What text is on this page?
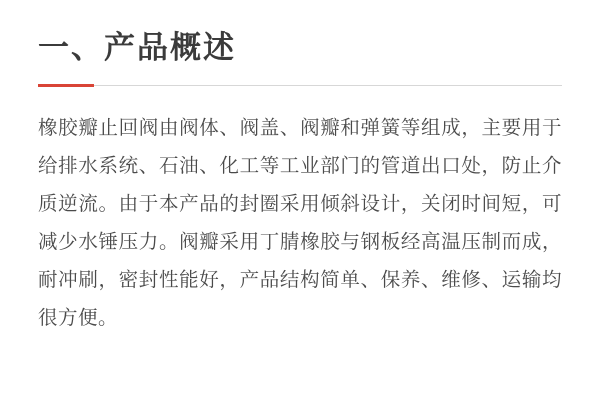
一、产品概述

橡胶瓣止回阀由阀体、阀盖、阀瓣和弹簧等组成，主要用于给排水系统、石油、化工等工业部门的管道出口处，防止介质逆流。由于本产品的封圈采用倾斜设计，关闭时间短，可减少水锤压力。阀瓣采用丁腈橡胶与钢板经高温压制而成，耐冲刷，密封性能好，产品结构简单、保养、维修、运输均很方便。
